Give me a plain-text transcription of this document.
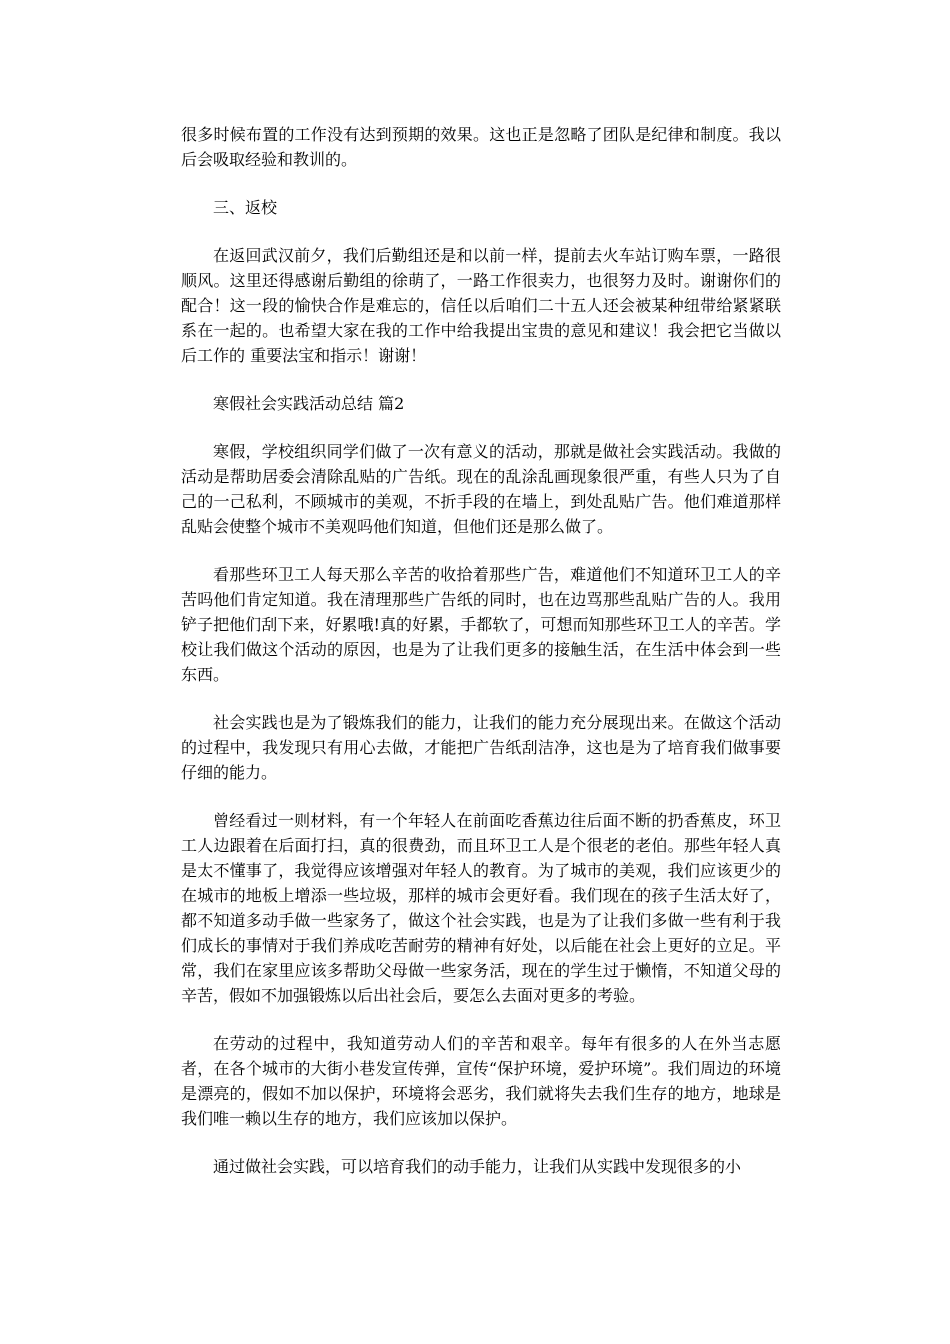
很多时候布置的工作没有达到预期的效果。这也正是忽略了团队是纪律和制度。我以后会吸取经验和教训的。

三、返校

在返回武汉前夕，我们后勤组还是和以前一样，提前去火车站订购车票，一路很顺风。这里还得感谢后勤组的徐萌了，一路工作很卖力，也很努力及时。谢谢你们的配合！这一段的愉快合作是难忘的，信任以后咱们二十五人还会被某种纽带给紧紧联系在一起的。也希望大家在我的工作中给我提出宝贵的意见和建议！我会把它当做以后工作的 重要法宝和指示！谢谢！

寒假社会实践活动总结 篇2

寒假，学校组织同学们做了一次有意义的活动，那就是做社会实践活动。我做的活动是帮助居委会清除乱贴的广告纸。现在的乱涂乱画现象很严重，有些人只为了自己的一己私利，不顾城市的美观，不折手段的在墙上，到处乱贴广告。他们难道那样乱贴会使整个城市不美观吗他们知道，但他们还是那么做了。

看那些环卫工人每天那么辛苦的收拾着那些广告，难道他们不知道环卫工人的辛苦吗他们肯定知道。我在清理那些广告纸的同时，也在边骂那些乱贴广告的人。我用铲子把他们刮下来，好累哦!真的好累，手都软了，可想而知那些环卫工人的辛苦。学校让我们做这个活动的原因，也是为了让我们更多的接触生活，在生活中体会到一些东西。

社会实践也是为了锻炼我们的能力，让我们的能力充分展现出来。在做这个活动的过程中，我发现只有用心去做，才能把广告纸刮洁净，这也是为了培育我们做事要仔细的能力。

曾经看过一则材料，有一个年轻人在前面吃香蕉边往后面不断的扔香蕉皮，环卫工人边跟着在后面打扫，真的很费劲，而且环卫工人是个很老的老伯。那些年轻人真是太不懂事了，我觉得应该增强对年轻人的教育。为了城市的美观，我们应该更少的在城市的地板上增添一些垃圾，那样的城市会更好看。我们现在的孩子生活太好了，都不知道多动手做一些家务了，做这个社会实践，也是为了让我们多做一些有利于我们成长的事情对于我们养成吃苦耐劳的精神有好处，以后能在社会上更好的立足。平常，我们在家里应该多帮助父母做一些家务活，现在的学生过于懒惰，不知道父母的辛苦，假如不加强锻炼以后出社会后，要怎么去面对更多的考验。

在劳动的过程中，我知道劳动人们的辛苦和艰辛。每年有很多的人在外当志愿者，在各个城市的大街小巷发宣传弹，宣传“保护环境，爱护环境”。我们周边的环境是漂亮的，假如不加以保护，环境将会恶劣，我们就将失去我们生存的地方，地球是我们唯一赖以生存的地方，我们应该加以保护。

通过做社会实践，可以培育我们的动手能力，让我们从实践中发现很多的小
